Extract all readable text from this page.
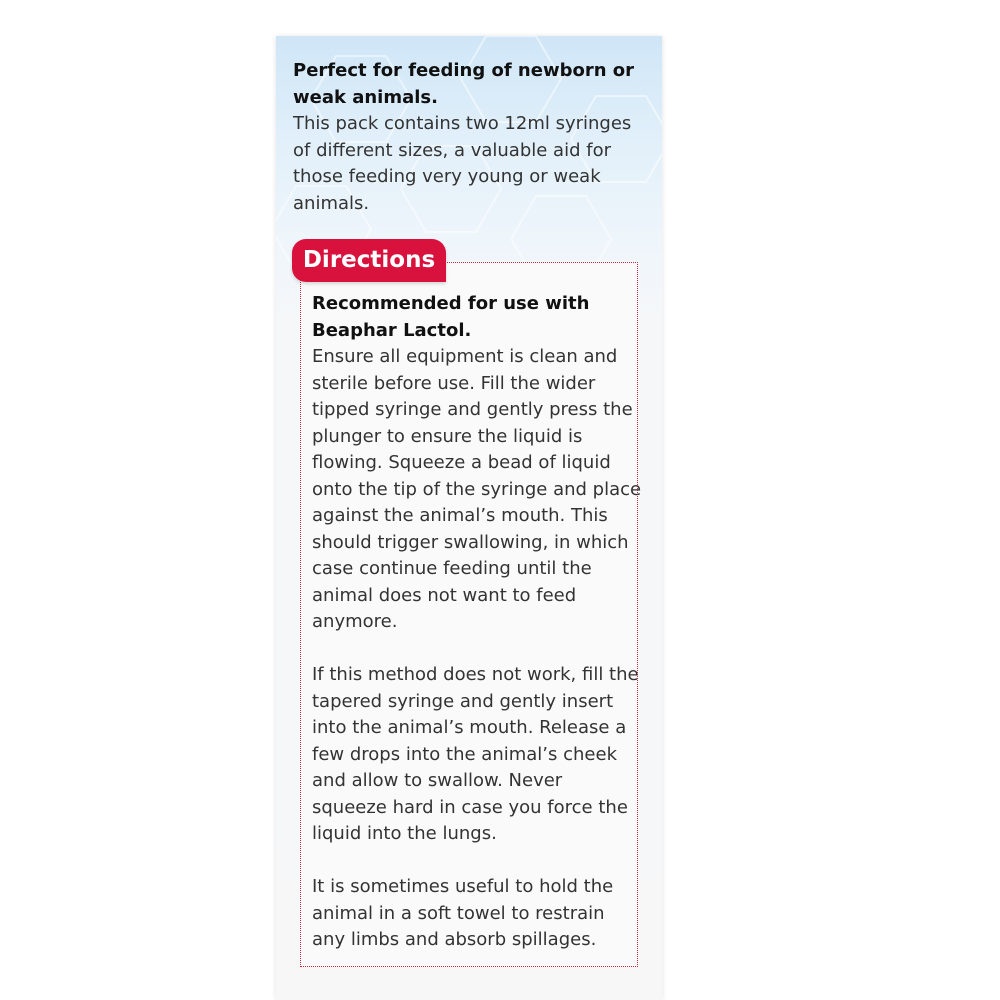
Perfect for feeding of newborn or weak animals.
This pack contains two 12ml syringes of different sizes, a valuable aid for those feeding very young or weak animals.
Recommended for use with Beaphar Lactol.

Ensure all equipment is clean and sterile before use. Fill the wider tipped syringe and gently press the plunger to ensure the liquid is flowing. Squeeze a bead of liquid onto the tip of the syringe and place against the animal’s mouth. This should trigger swallowing, in which case continue feeding until the animal does not want to feed anymore.

If this method does not work, fill the tapered syringe and gently insert into the animal’s mouth. Release a few drops into the animal’s cheek and allow to swallow. Never squeeze hard in case you force the liquid into the lungs.

It is sometimes useful to hold the animal in a soft towel to restrain any limbs and absorb spillages.

Directions
